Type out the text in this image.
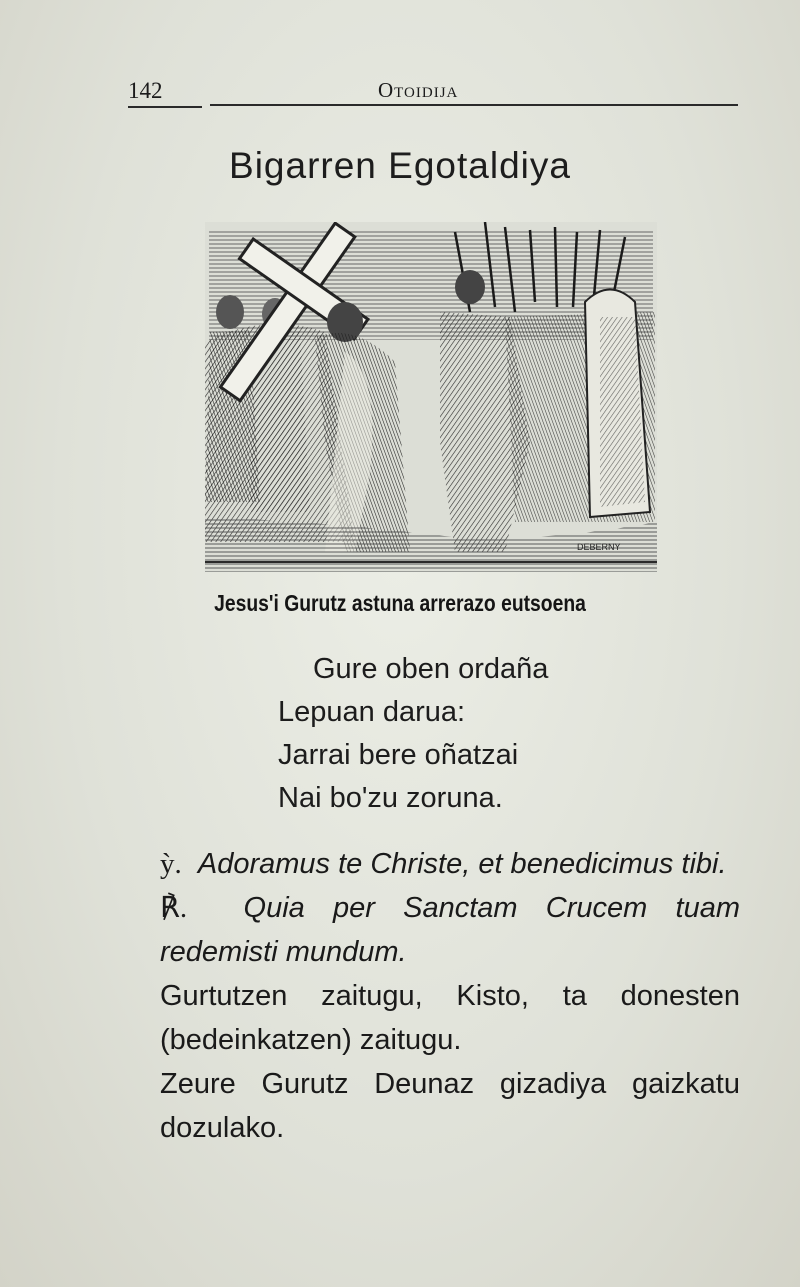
142	Otoidija
Bigarren Egotaldiya
DEBERNY
Jesus'i Gurutz astuna arrerazo eutsoena
Gure oben ordaña
Lepuan darua:
Jarrai bere oñatzai
Nai bo'zu zoruna.

ỳ. Adoramus te Christe, et benedicimus tibi.

℟. Quia per Sanctam Crucem tuam redemisti mundum.

Gurtutzen zaitugu, Kisto, ta donesten (bedeinkatzen) zaitugu.

Zeure Gurutz Deunaz gizadiya gaizkatu dozulako.
